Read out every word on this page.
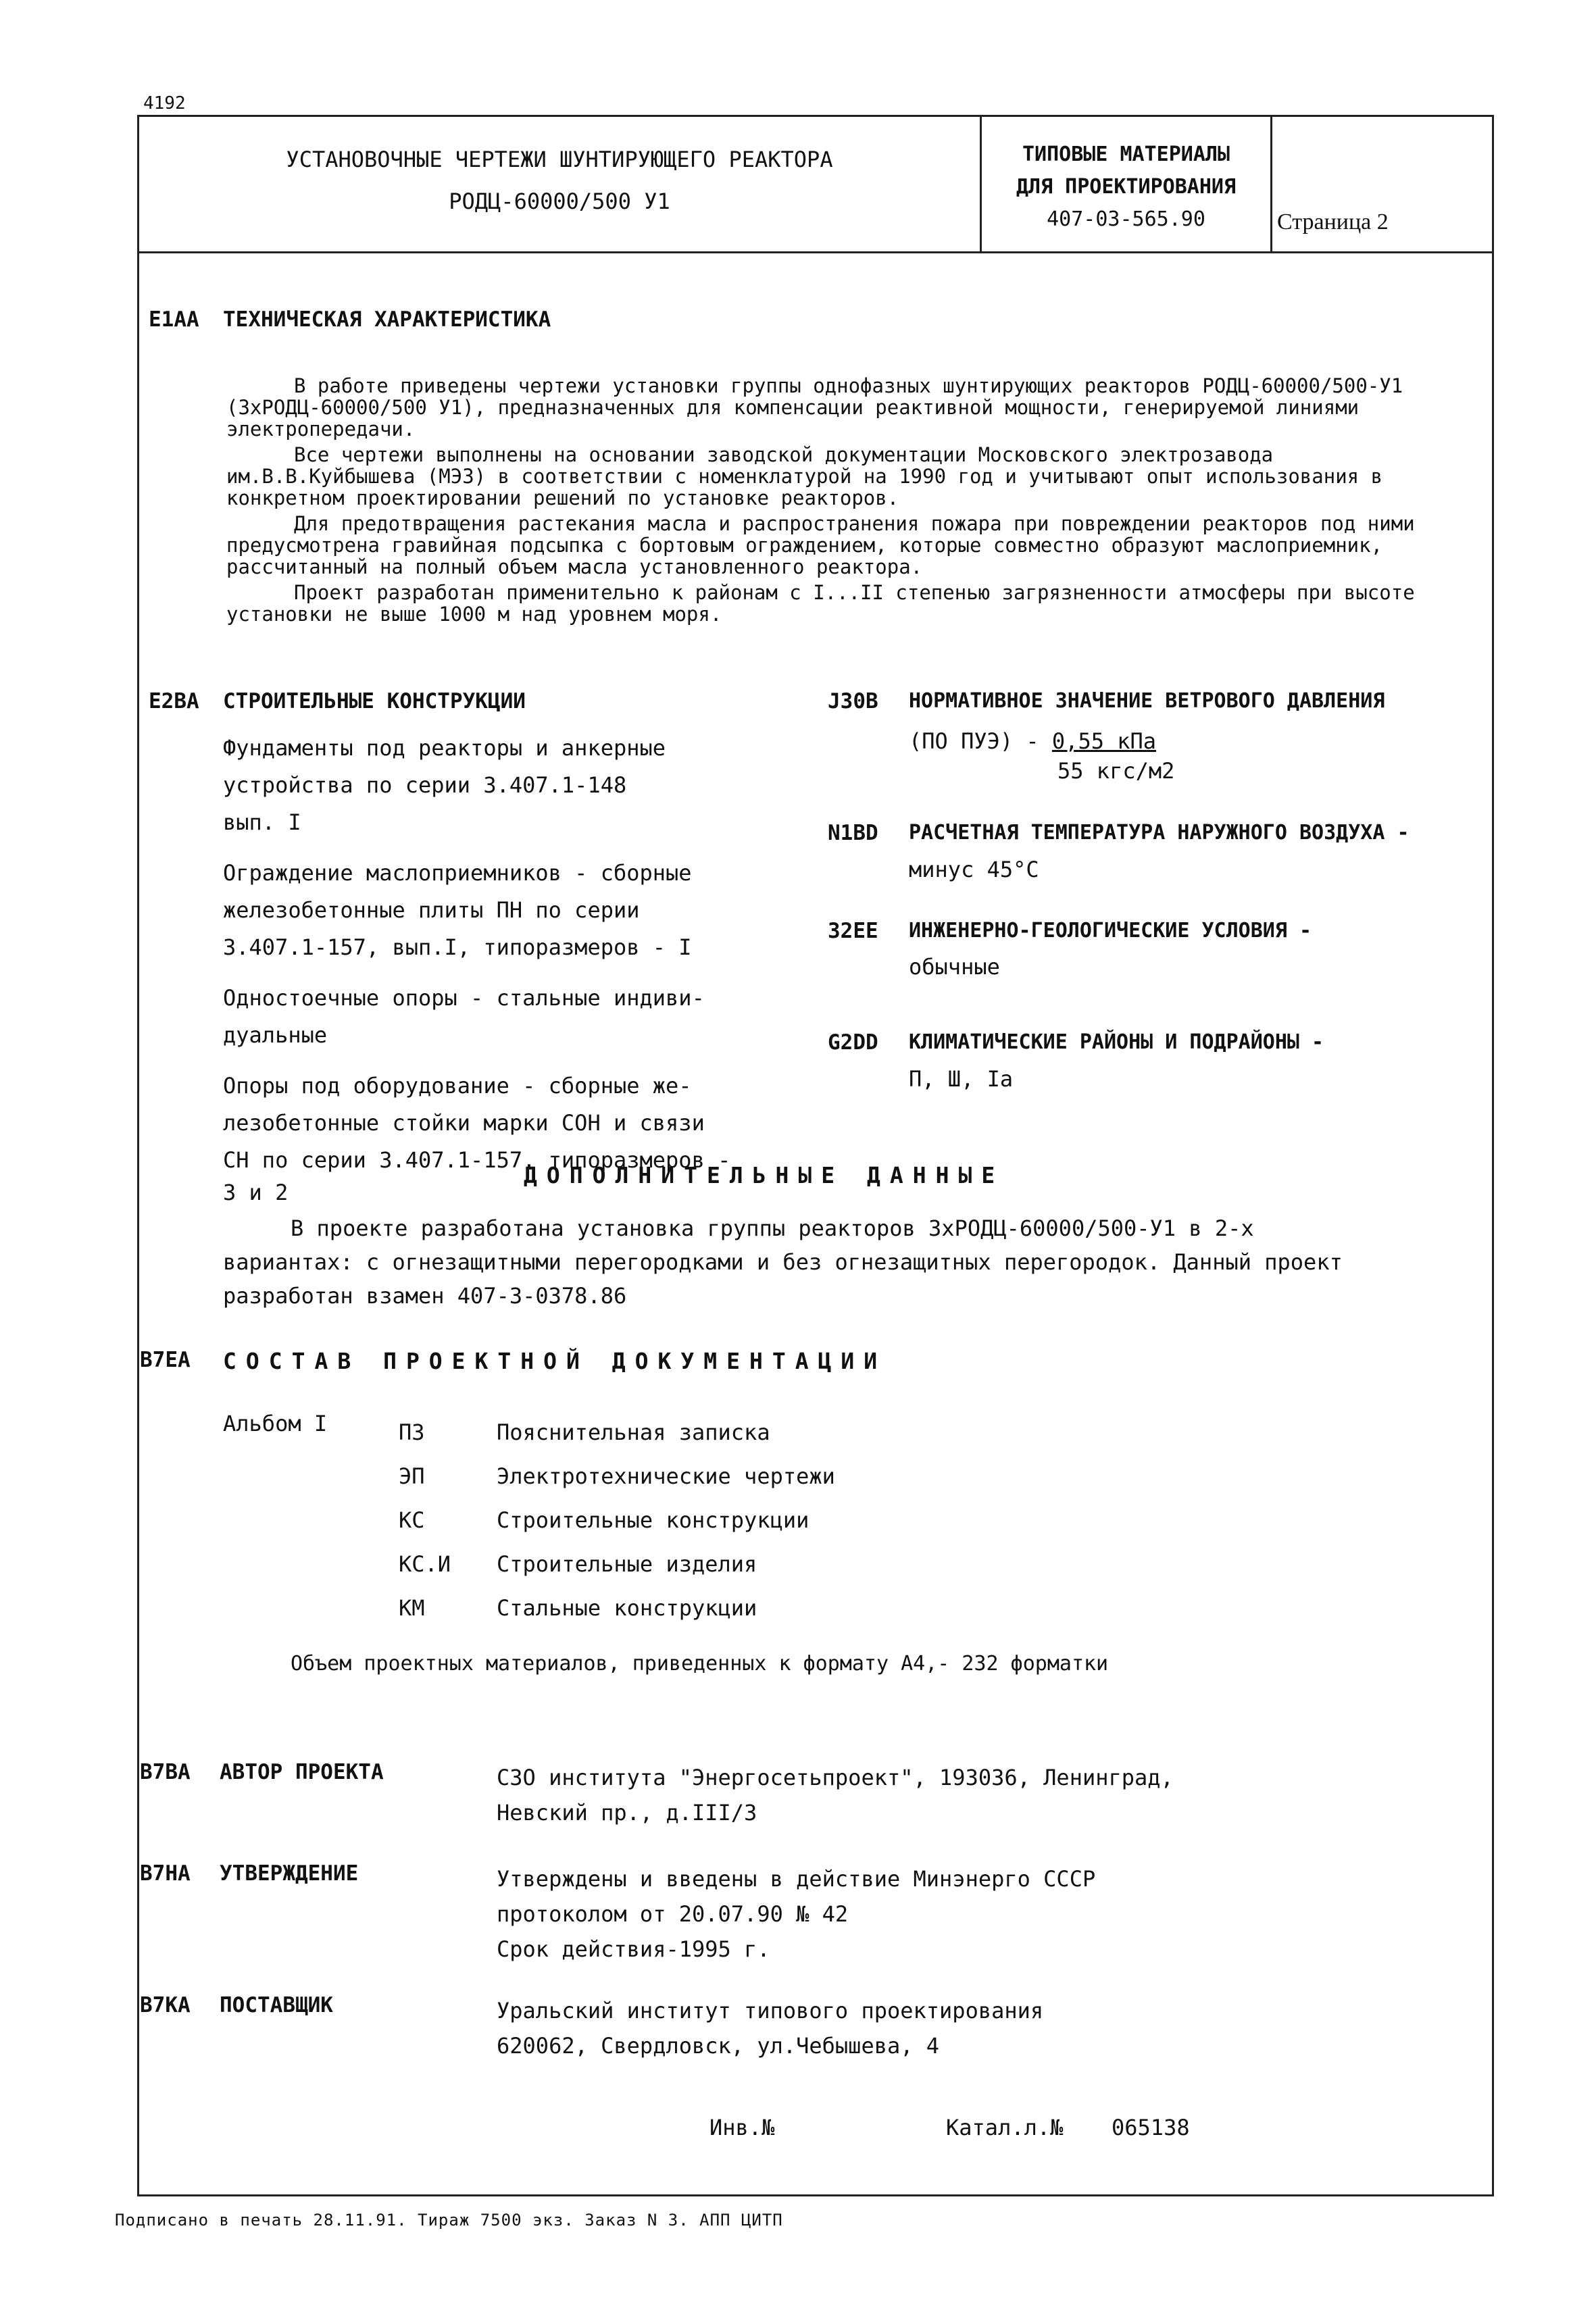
4192
УСТАНОВОЧНЫЕ ЧЕРТЕЖИ ШУНТИРУЮЩЕГО РЕАКТОРА
РОДЦ-60000/500 У1
ТИПОВЫЕ МАТЕРИАЛЫ
ДЛЯ ПРОЕКТИРОВАНИЯ
407-03-565.90	Страница 2
Е1АА ТЕХНИЧЕСКАЯ ХАРАКТЕРИСТИКА

В работе приведены чертежи установки группы однофазных шунтирующих реакторов РОДЦ-60000/500-У1 (3хРОДЦ-60000/500 У1), предназначенных для компенсации реактивной мощности, генерируемой линиями электропередачи.

Все чертежи выполнены на основании заводской документации Московского электрозавода им.В.В.Куйбышева (МЭЗ) в соответствии с номенклатурой на 1990 год и учитывают опыт использования в конкретном проектировании решений по установке реакторов.

Для предотвращения растекания масла и распространения пожара при повреждении реакторов под ними предусмотрена гравийная подсыпка с бортовым ограждением, которые совместно образуют маслоприемник, рассчитанный на полный объем масла установленного реактора.

Проект разработан применительно к районам с I...II степенью загрязненности атмосферы при высоте установки не выше 1000 м над уровнем моря.

Е2ВА СТРОИТЕЛЬНЫЕ КОНСТРУКЦИИ
Фундаменты под реакторы и анкерные
устройства по серии 3.407.1-148
вып. I
Ограждение маслоприемников - сборные
железобетонные плиты ПН по серии
3.407.1-157, вып.I, типоразмеров - I
Одностоечные опоры - стальные индиви-
дуальные
Опоры под оборудование - сборные же-
лезобетонные стойки марки СОН и связи
СН по серии 3.407.1-157, типоразмеров -
3 и 2
J30В НОРМАТИВНОЕ ЗНАЧЕНИЕ ВЕТРОВОГО ДАВЛЕНИЯ
(ПО ПУЭ) - 0,55 кПа
55 кгс/м2
N1ВD РАСЧЕТНАЯ ТЕМПЕРАТУРА НАРУЖНОГО ВОЗДУХА -
минус 45°С
З2ЕЕ ИНЖЕНЕРНО-ГЕОЛОГИЧЕСКИЕ УСЛОВИЯ -
обычные
G2DD КЛИМАТИЧЕСКИЕ РАЙОНЫ И ПОДРАЙОНЫ -
П, Ш, Iа
ДОПОЛНИТЕЛЬНЫЕ ДАННЫЕ
В проекте разработана установка группы реакторов 3хРОДЦ-60000/500-У1 в 2-х
вариантах: с огнезащитными перегородками и без огнезащитных перегородок. Данный проект
разработан взамен 407-3-0378.86
В7ЕА СОСТАВ ПРОЕКТНОЙ ДОКУМЕНТАЦИИ
Альбом I	ПЗ	Пояснительная записка
ЭП	Электротехнические чертежи
КС	Строительные конструкции
КС.И Строительные изделия
КМ	Стальные конструкции
Объем проектных материалов, приведенных к формату А4,- 232 форматки
В7ВА АВТОР ПРОЕКТА	СЗО института "Энергосетьпроект", 193036, Ленинград,
Невский пр., д.III/3
В7НА УТВЕРЖДЕНИЕ	Утверждены и введены в действие Минэнерго СССР
протоколом от 20.07.90 № 42
Срок действия-1995 г.
В7КА ПОСТАВЩИК	Уральский институт типового проектирования
620062, Свердловск, ул.Чебышева, 4
Инв.№	Катал.л.№ 065138
Подписано в печать 28.11.91. Тираж 7500 экз. Заказ N 3. АПП ЦИТП
